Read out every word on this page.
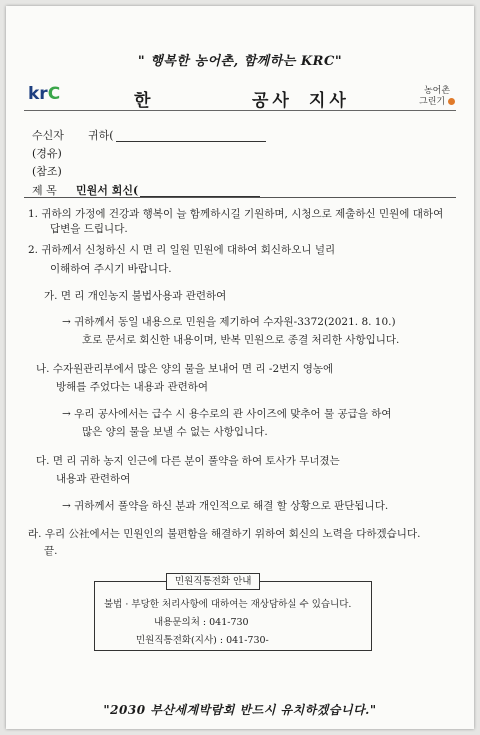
" 행복한 농어촌, 함께하는 KRC"
krC	한	공사 지사	농어촌
그린기
수신자 귀하(
(경유)
(참조)
제 목 민원서 회신(
1. 귀하의 가정에 건강과 행복이 늘 함께하시길 기원하며, 시청으로 제출하신 민원에 대하여
답변을 드립니다.
2. 귀하께서 신청하신 시 면 리 일원 민원에 대하여 회신하오니 널리
이해하여 주시기 바랍니다.
가. 면 리 개인농지 불법사용과 관련하여
→ 귀하께서 동일 내용으로 민원을 제기하여 수자원-3372(2021. 8. 10.)
호로 문서로 회신한 내용이며, 반복 민원으로 종결 처리한 사항입니다.
나. 수자원관리부에서 많은 양의 물을 보내어 면 리 -2번지 영농에
방해를 주었다는 내용과 관련하여
→ 우리 공사에서는 급수 시 용수로의 관 사이즈에 맞추어 물 공급을 하여
많은 양의 물을 보낼 수 없는 사항입니다.
다. 면 리 귀하 농지 인근에 다른 분이 풀약을 하여 토사가 무너졌는
내용과 관련하여
→ 귀하께서 풀약을 하신 분과 개인적으로 해결 할 상황으로 판단됩니다.
라. 우리 公社에서는 민원인의 불편함을 해결하기 위하여 회신의 노력을 다하겠습니다.
끝.
민원직통전화 안내
불법 · 부당한 처리사항에 대하여는 재상담하실 수 있습니다.
내용문의처 : 041-730
민원직통전화(지사) : 041-730-
"2030 부산세계박람회 반드시 유치하겠습니다."
